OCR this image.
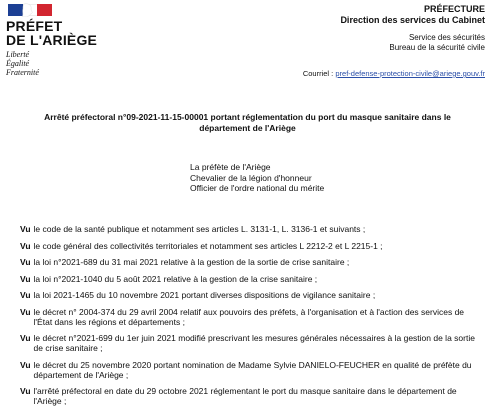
PRÉFET
DE L'ARIÈGE
Liberté
Égalité
Fraternité
PRÉFECTURE
Direction des services du Cabinet
Service des sécurités
Bureau de la sécurité civile
Courriel : pref-defense-protection-civile@ariege.gouv.fr
Arrêté préfectoral n°09-2021-11-15-00001 portant réglementation du port du masque sanitaire dans le département de l'Ariège
La préfète de l'Ariège
Chevalier de la légion d'honneur
Officier de l'ordre national du mérite
Vu le code de la santé publique et notamment ses articles L. 3131-1, L. 3136-1 et suivants ;
Vu le code général des collectivités territoriales et notamment ses articles L 2212-2 et L 2215-1 ;
Vu la loi n°2021-689 du 31 mai 2021 relative à la gestion de la sortie de crise sanitaire ;
Vu la loi n°2021-1040 du 5 août 2021 relative à la gestion de la crise sanitaire ;
Vu la loi 2021-1465 du 10 novembre 2021 portant diverses dispositions de vigilance sanitaire ;
Vu le décret n° 2004-374 du 29 avril 2004 relatif aux pouvoirs des préfets, à l'organisation et à l'action des services de l'État dans les régions et départements ;
Vu le décret n°2021-699 du 1er juin 2021 modifié prescrivant les mesures générales nécessaires à la gestion de la sortie de crise sanitaire ;
Vu le décret du 25 novembre 2020 portant nomination de Madame Sylvie DANIELO-FEUCHER en qualité de préfète du département de l'Ariège ;
Vu l'arrêté préfectoral en date du 29 octobre 2021 réglementant le port du masque sanitaire dans le département de l'Ariège ;
